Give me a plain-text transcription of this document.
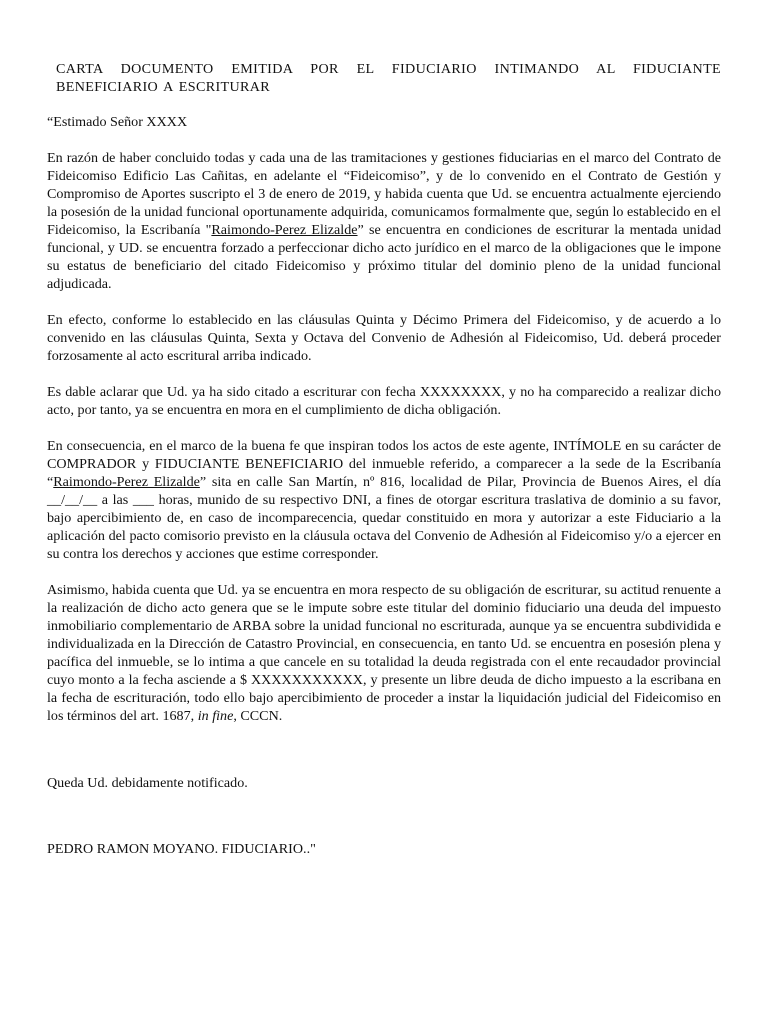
CARTA DOCUMENTO EMITIDA POR EL FIDUCIARIO INTIMANDO AL FIDUCIANTE
BENEFICIARIO A ESCRITURAR
“Estimado Señor XXXX

En razón de haber concluido todas y cada una de las tramitaciones y gestiones fiduciarias en el marco del Contrato de Fideicomiso Edificio Las Cañitas, en adelante el “Fideicomiso”, y de lo convenido en el Contrato de Gestión y Compromiso de Aportes suscripto el 3 de enero de 2019, y habida cuenta que Ud. se encuentra actualmente ejerciendo la posesión de la unidad funcional oportunamente adquirida, comunicamos formalmente que, según lo establecido en el Fideicomiso, la Escribanía "Raimondo-Perez Elizalde” se encuentra en condiciones de escriturar la mentada unidad funcional, y UD. se encuentra forzado a perfeccionar dicho acto jurídico en el marco de la obligaciones que le impone su estatus de beneficiario del citado Fideicomiso y próximo titular del dominio pleno de la unidad funcional adjudicada.

En efecto, conforme lo establecido en las cláusulas Quinta y Décimo Primera del Fideicomiso, y de acuerdo a lo convenido en las cláusulas Quinta, Sexta y Octava del Convenio de Adhesión al Fideicomiso, Ud. deberá proceder forzosamente al acto escritural arriba indicado.

Es dable aclarar que Ud. ya ha sido citado a escriturar con fecha XXXXXXXX, y no ha comparecido a realizar dicho acto, por tanto, ya se encuentra en mora en el cumplimiento de dicha obligación.

En consecuencia, en el marco de la buena fe que inspiran todos los actos de este agente, INTÍMOLE en su carácter de COMPRADOR y FIDUCIANTE BENEFICIARIO del inmueble referido, a comparecer a la sede de la Escribanía “Raimondo-Perez Elizalde” sita en calle San Martín, nº 816, localidad de Pilar, Provincia de Buenos Aires, el día __/__/__ a las ___ horas, munido de su respectivo DNI, a fines de otorgar escritura traslativa de dominio a su favor, bajo apercibimiento de, en caso de incomparecencia, quedar constituido en mora y autorizar a este Fiduciario a la aplicación del pacto comisorio previsto en la cláusula octava del Convenio de Adhesión al Fideicomiso y/o a ejercer en su contra los derechos y acciones que estime corresponder.

Asimismo, habida cuenta que Ud. ya se encuentra en mora respecto de su obligación de escriturar, su actitud renuente a la realización de dicho acto genera que se le impute sobre este titular del dominio fiduciario una deuda del impuesto inmobiliario complementario de ARBA sobre la unidad funcional no escriturada, aunque ya se encuentra subdividida e individualizada en la Dirección de Catastro Provincial, en consecuencia, en tanto Ud. se encuentra en posesión plena y pacífica del inmueble, se lo intima a que cancele en su totalidad la deuda registrada con el ente recaudador provincial cuyo monto a la fecha asciende a $ XXXXXXXXXXX, y presente un libre deuda de dicho impuesto a la escribana en la fecha de escrituración, todo ello bajo apercibimiento de proceder a instar la liquidación judicial del Fideicomiso en los términos del art. 1687, in fine, CCCN.

Queda Ud. debidamente notificado.
PEDRO RAMON MOYANO. FIDUCIARIO.."
